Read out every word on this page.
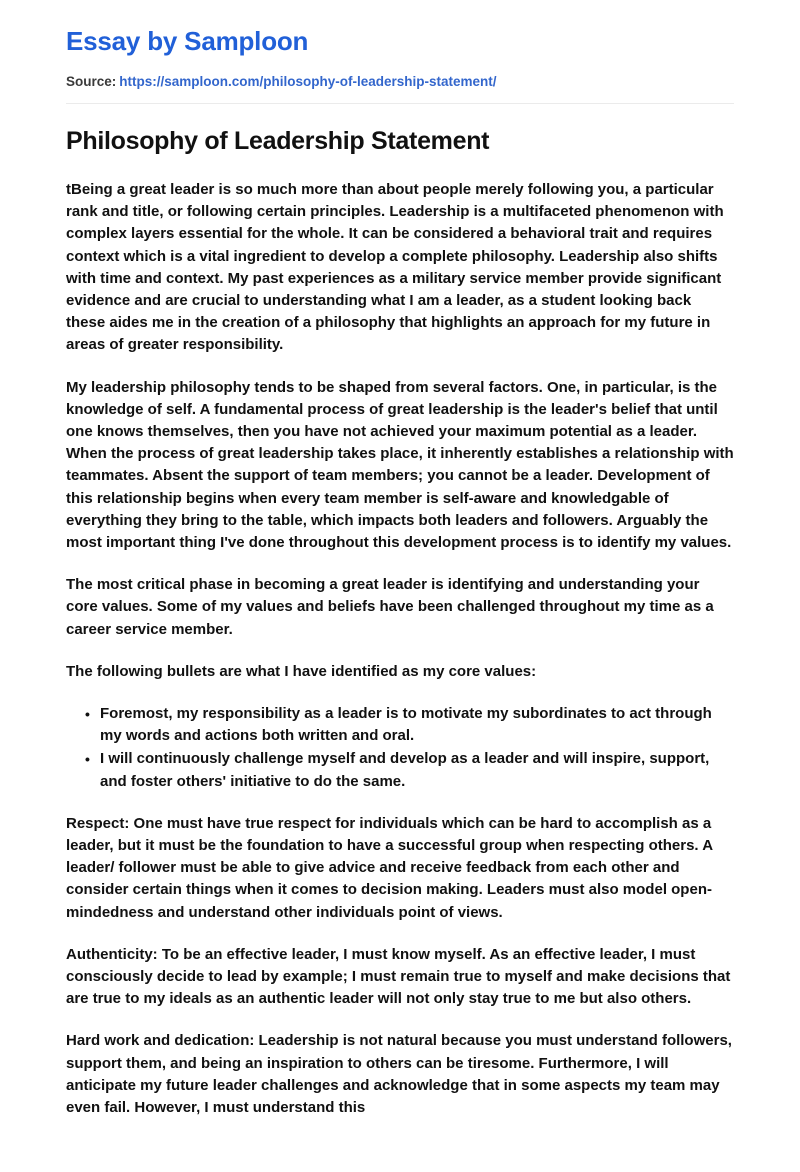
Essay by Samploon
Source: https://samploon.com/philosophy-of-leadership-statement/
Philosophy of Leadership Statement

tBeing a great leader is so much more than about people merely following you, a particular rank and title, or following certain principles. Leadership is a multifaceted phenomenon with complex layers essential for the whole. It can be considered a behavioral trait and requires context which is a vital ingredient to develop a complete philosophy. Leadership also shifts with time and context. My past experiences as a military service member provide significant evidence and are crucial to understanding what I am a leader, as a student looking back these aides me in the creation of a philosophy that highlights an approach for my future in areas of greater responsibility.

My leadership philosophy tends to be shaped from several factors. One, in particular, is the knowledge of self. A fundamental process of great leadership is the leader's belief that until one knows themselves, then you have not achieved your maximum potential as a leader. When the process of great leadership takes place, it inherently establishes a relationship with teammates. Absent the support of team members; you cannot be a leader. Development of this relationship begins when every team member is self-aware and knowledgable of everything they bring to the table, which impacts both leaders and followers. Arguably the most important thing I've done throughout this development process is to identify my values.

The most critical phase in becoming a great leader is identifying and understanding your core values. Some of my values and beliefs have been challenged throughout my time as a career service member.

The following bullets are what I have identified as my core values:

• Foremost, my responsibility as a leader is to motivate my subordinates to act through my words and actions both written and oral.
• I will continuously challenge myself and develop as a leader and will inspire, support, and foster others' initiative to do the same.

Respect: One must have true respect for individuals which can be hard to accomplish as a leader, but it must be the foundation to have a successful group when respecting others. A leader/ follower must be able to give advice and receive feedback from each other and consider certain things when it comes to decision making. Leaders must also model open-mindedness and understand other individuals point of views.

Authenticity: To be an effective leader, I must know myself. As an effective leader, I must consciously decide to lead by example; I must remain true to myself and make decisions that are true to my ideals as an authentic leader will not only stay true to me but also others.

Hard work and dedication: Leadership is not natural because you must understand followers, support them, and being an inspiration to others can be tiresome. Furthermore, I will anticipate my future leader challenges and acknowledge that in some aspects my team may even fail. However, I must understand this
